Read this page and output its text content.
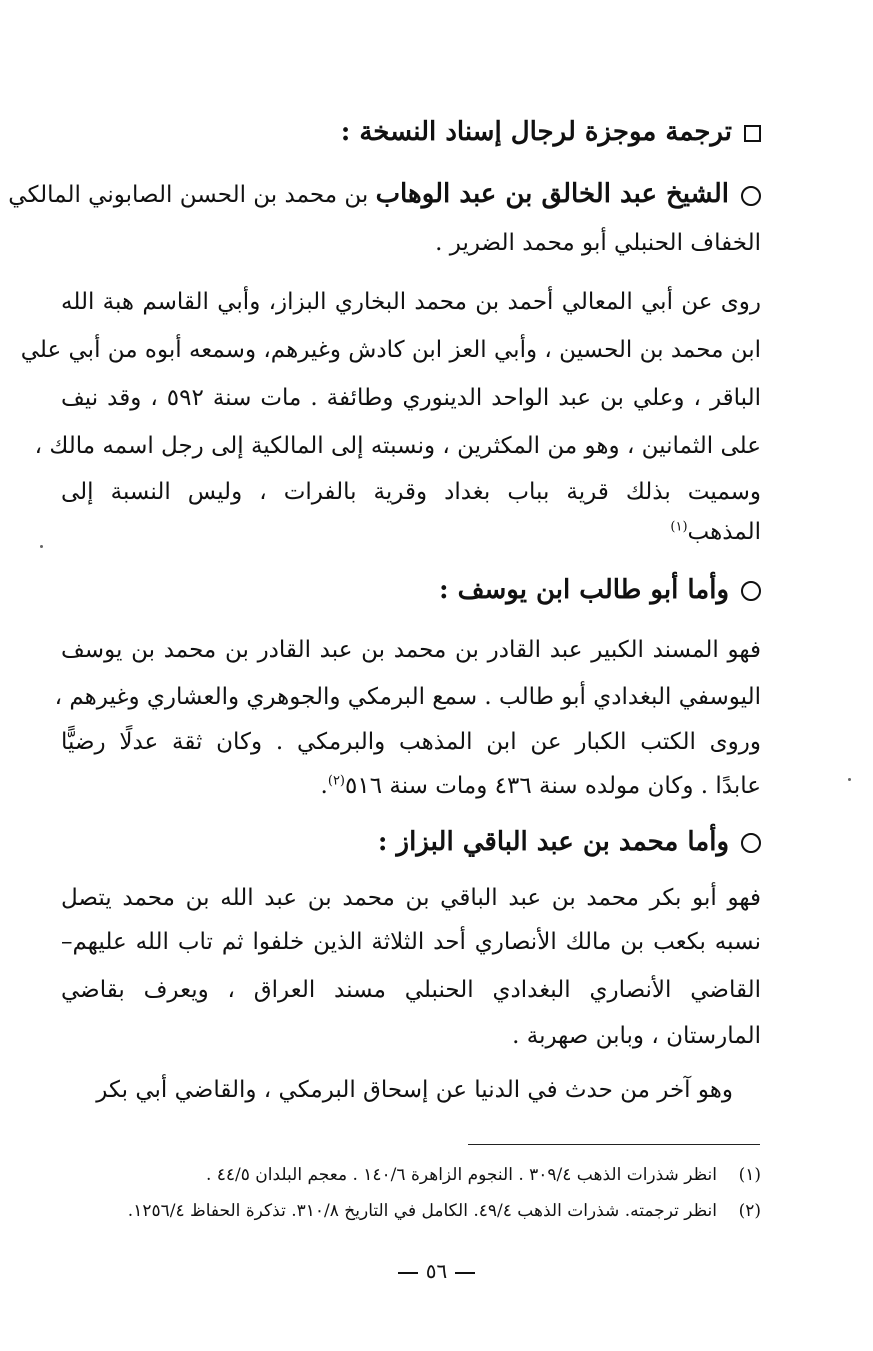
ترجمة موجزة لرجال إسناد النسخة :
الشيخ عبد الخالق بن عبد الوهاب بن محمد بن الحسن الصابوني المالكي
الخفاف الحنبلي أبو محمد الضرير .
روى عن أبي المعالي أحمد بن محمد البخاري البزاز، وأبي القاسم هبة الله
ابن محمد بن الحسين ، وأبي العز ابن كادش وغيرهم، وسمعه أبوه من أبي علي
الباقر ، وعلي بن عبد الواحد الدينوري وطائفة . مات سنة ٥٩٢ ، وقد نيف
على الثمانين ، وهو من المكثرين ، ونسبته إلى المالكية إلى رجل اسمه مالك ،
وسميت بذلك قرية بباب بغداد وقرية بالفرات ، وليس النسبة إلى
المذهب$^{(١)}$
وأما أبو طالب ابن يوسف :
فهو المسند الكبير عبد القادر بن محمد بن عبد القادر بن محمد بن يوسف
اليوسفي البغدادي أبو طالب . سمع البرمكي والجوهري والعشاري وغيرهم ،
وروى الكتب الكبار عن ابن المذهب والبرمكي . وكان ثقة عدلًا رضيًّا
عابدًا . وكان مولده سنة ٤٣٦ ومات سنة ٥١٦$^{(٢)}$.
وأما محمد بن عبد الباقي البزاز :
فهو أبو بكر محمد بن عبد الباقي بن محمد بن عبد الله بن محمد يتصل
نسبه بكعب بن مالك الأنصاري أحد الثلاثة الذين خلفوا ثم تاب الله عليهم–
القاضي الأنصاري البغدادي الحنبلي مسند العراق ، ويعرف بقاضي
المارستان ، وبابن صهربة .
وهو آخر من حدث في الدنيا عن إسحاق البرمكي ، والقاضي أبي بكر
(١)انظر شذرات الذهب ٣٠٩/٤ . النجوم الزاهرة ١٤٠/٦ . معجم البلدان ٤٤/٥ .
(٢)انظر ترجمته. شذرات الذهب ٤٩/٤. الكامل في التاريخ ٣١٠/٨. تذكرة الحفاظ ١٢٥٦/٤.
٥٦
